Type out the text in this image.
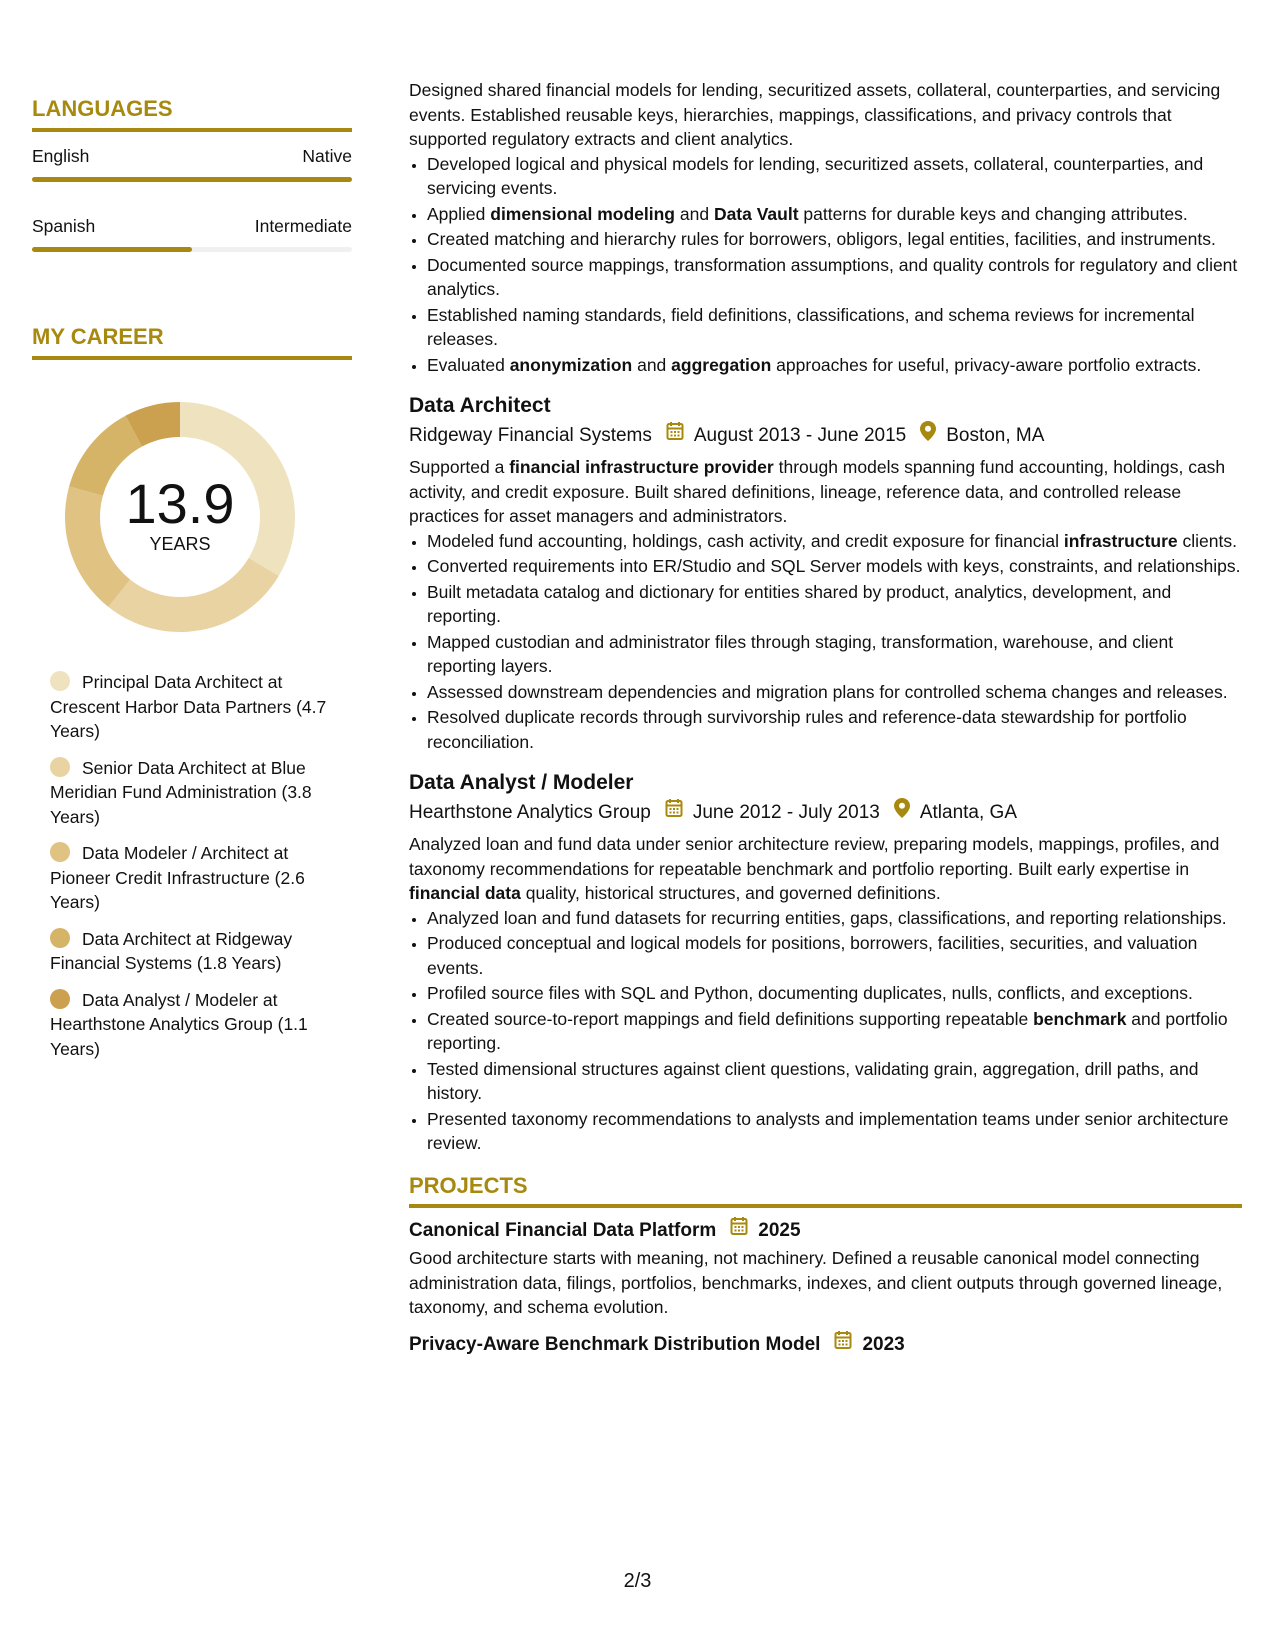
LANGUAGES
English	Native
Spanish	Intermediate
MY CAREER
13.9
YEARS
Principal Data Architect at Crescent Harbor Data Partners (4.7 Years)
Senior Data Architect at Blue Meridian Fund Administration (3.8 Years)
Data Modeler / Architect at Pioneer Credit Infrastructure (2.6 Years)
Data Architect at Ridgeway Financial Systems (1.8 Years)
Data Analyst / Modeler at Hearthstone Analytics Group (1.1 Years)

Designed shared financial models for lending, securitized assets, collateral, counterparties, and servicing events. Established reusable keys, hierarchies, mappings, classifications, and privacy controls that supported regulatory extracts and client analytics.

• Developed logical and physical models for lending, securitized assets, collateral, counterparties, and servicing events.
• Applied dimensional modeling and Data Vault patterns for durable keys and changing attributes.
• Created matching and hierarchy rules for borrowers, obligors, legal entities, facilities, and instruments.
• Documented source mappings, transformation assumptions, and quality controls for regulatory and client analytics.
• Established naming standards, field definitions, classifications, and schema reviews for incremental releases.
• Evaluated anonymization and aggregation approaches for useful, privacy-aware portfolio extracts.
Data Architect
Ridgeway Financial Systems August 2013 - June 2015 Boston, MA

Supported a financial infrastructure provider through models spanning fund accounting, holdings, cash activity, and credit exposure. Built shared definitions, lineage, reference data, and controlled release practices for asset managers and administrators.

• Modeled fund accounting, holdings, cash activity, and credit exposure for financial infrastructure clients.
• Converted requirements into ER/Studio and SQL Server models with keys, constraints, and relationships.
• Built metadata catalog and dictionary for entities shared by product, analytics, development, and reporting.
• Mapped custodian and administrator files through staging, transformation, warehouse, and client reporting layers.
• Assessed downstream dependencies and migration plans for controlled schema changes and releases.
• Resolved duplicate records through survivorship rules and reference-data stewardship for portfolio reconciliation.
Data Analyst / Modeler
Hearthstone Analytics Group June 2012 - July 2013 Atlanta, GA

Analyzed loan and fund data under senior architecture review, preparing models, mappings, profiles, and taxonomy recommendations for repeatable benchmark and portfolio reporting. Built early expertise in financial data quality, historical structures, and governed definitions.

• Analyzed loan and fund datasets for recurring entities, gaps, classifications, and reporting relationships.
• Produced conceptual and logical models for positions, borrowers, facilities, securities, and valuation events.
• Profiled source files with SQL and Python, documenting duplicates, nulls, conflicts, and exceptions.
• Created source-to-report mappings and field definitions supporting repeatable benchmark and portfolio reporting.
• Tested dimensional structures against client questions, validating grain, aggregation, drill paths, and history.
• Presented taxonomy recommendations to analysts and implementation teams under senior architecture review.
PROJECTS
Canonical Financial Data Platform 2025

Good architecture starts with meaning, not machinery. Defined a reusable canonical model connecting administration data, filings, portfolios, benchmarks, indexes, and client outputs through governed lineage, taxonomy, and schema evolution.

Privacy-Aware Benchmark Distribution Model 2023
2/3
